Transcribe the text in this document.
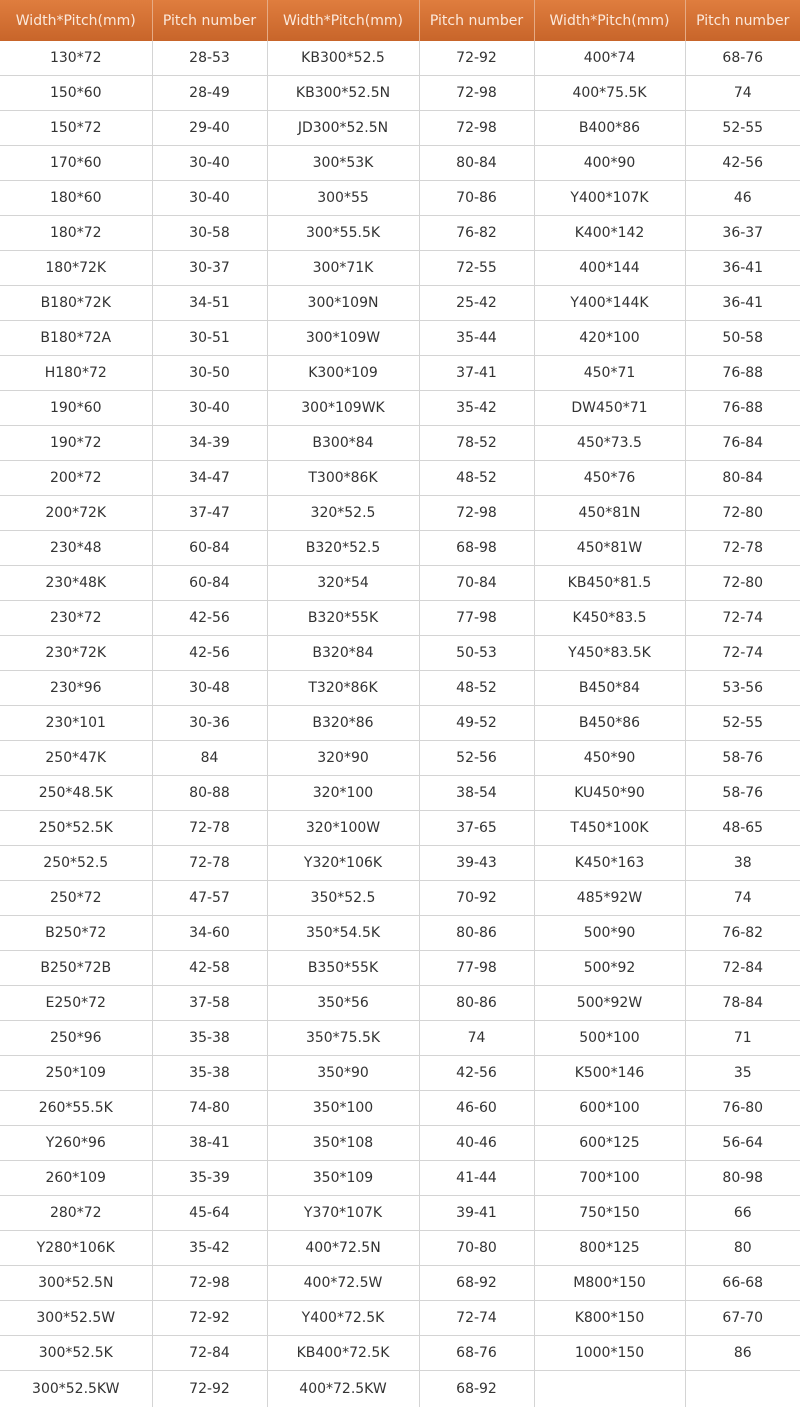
Width*Pitch(mm)	Pitch number	Width*Pitch(mm)	Pitch number	Width*Pitch(mm)	Pitch number
130*72	28-53	KB300*52.5	72-92	400*74	68-76
150*60	28-49	KB300*52.5N	72-98	400*75.5K	74
150*72	29-40	JD300*52.5N	72-98	B400*86	52-55
170*60	30-40	300*53K	80-84	400*90	42-56
180*60	30-40	300*55	70-86	Y400*107K	46
180*72	30-58	300*55.5K	76-82	K400*142	36-37
180*72K	30-37	300*71K	72-55	400*144	36-41
B180*72K	34-51	300*109N	25-42	Y400*144K	36-41
B180*72A	30-51	300*109W	35-44	420*100	50-58
H180*72	30-50	K300*109	37-41	450*71	76-88
190*60	30-40	300*109WK	35-42	DW450*71	76-88
190*72	34-39	B300*84	78-52	450*73.5	76-84
200*72	34-47	T300*86K	48-52	450*76	80-84
200*72K	37-47	320*52.5	72-98	450*81N	72-80
230*48	60-84	B320*52.5	68-98	450*81W	72-78
230*48K	60-84	320*54	70-84	KB450*81.5	72-80
230*72	42-56	B320*55K	77-98	K450*83.5	72-74
230*72K	42-56	B320*84	50-53	Y450*83.5K	72-74
230*96	30-48	T320*86K	48-52	B450*84	53-56
230*101	30-36	B320*86	49-52	B450*86	52-55
250*47K	84	320*90	52-56	450*90	58-76
250*48.5K	80-88	320*100	38-54	KU450*90	58-76
250*52.5K	72-78	320*100W	37-65	T450*100K	48-65
250*52.5	72-78	Y320*106K	39-43	K450*163	38
250*72	47-57	350*52.5	70-92	485*92W	74
B250*72	34-60	350*54.5K	80-86	500*90	76-82
B250*72B	42-58	B350*55K	77-98	500*92	72-84
E250*72	37-58	350*56	80-86	500*92W	78-84
250*96	35-38	350*75.5K	74	500*100	71
250*109	35-38	350*90	42-56	K500*146	35
260*55.5K	74-80	350*100	46-60	600*100	76-80
Y260*96	38-41	350*108	40-46	600*125	56-64
260*109	35-39	350*109	41-44	700*100	80-98
280*72	45-64	Y370*107K	39-41	750*150	66
Y280*106K	35-42	400*72.5N	70-80	800*125	80
300*52.5N	72-98	400*72.5W	68-92	M800*150	66-68
300*52.5W	72-92	Y400*72.5K	72-74	K800*150	67-70
300*52.5K	72-84	KB400*72.5K	68-76	1000*150	86
300*52.5KW	72-92	400*72.5KW	68-92		
